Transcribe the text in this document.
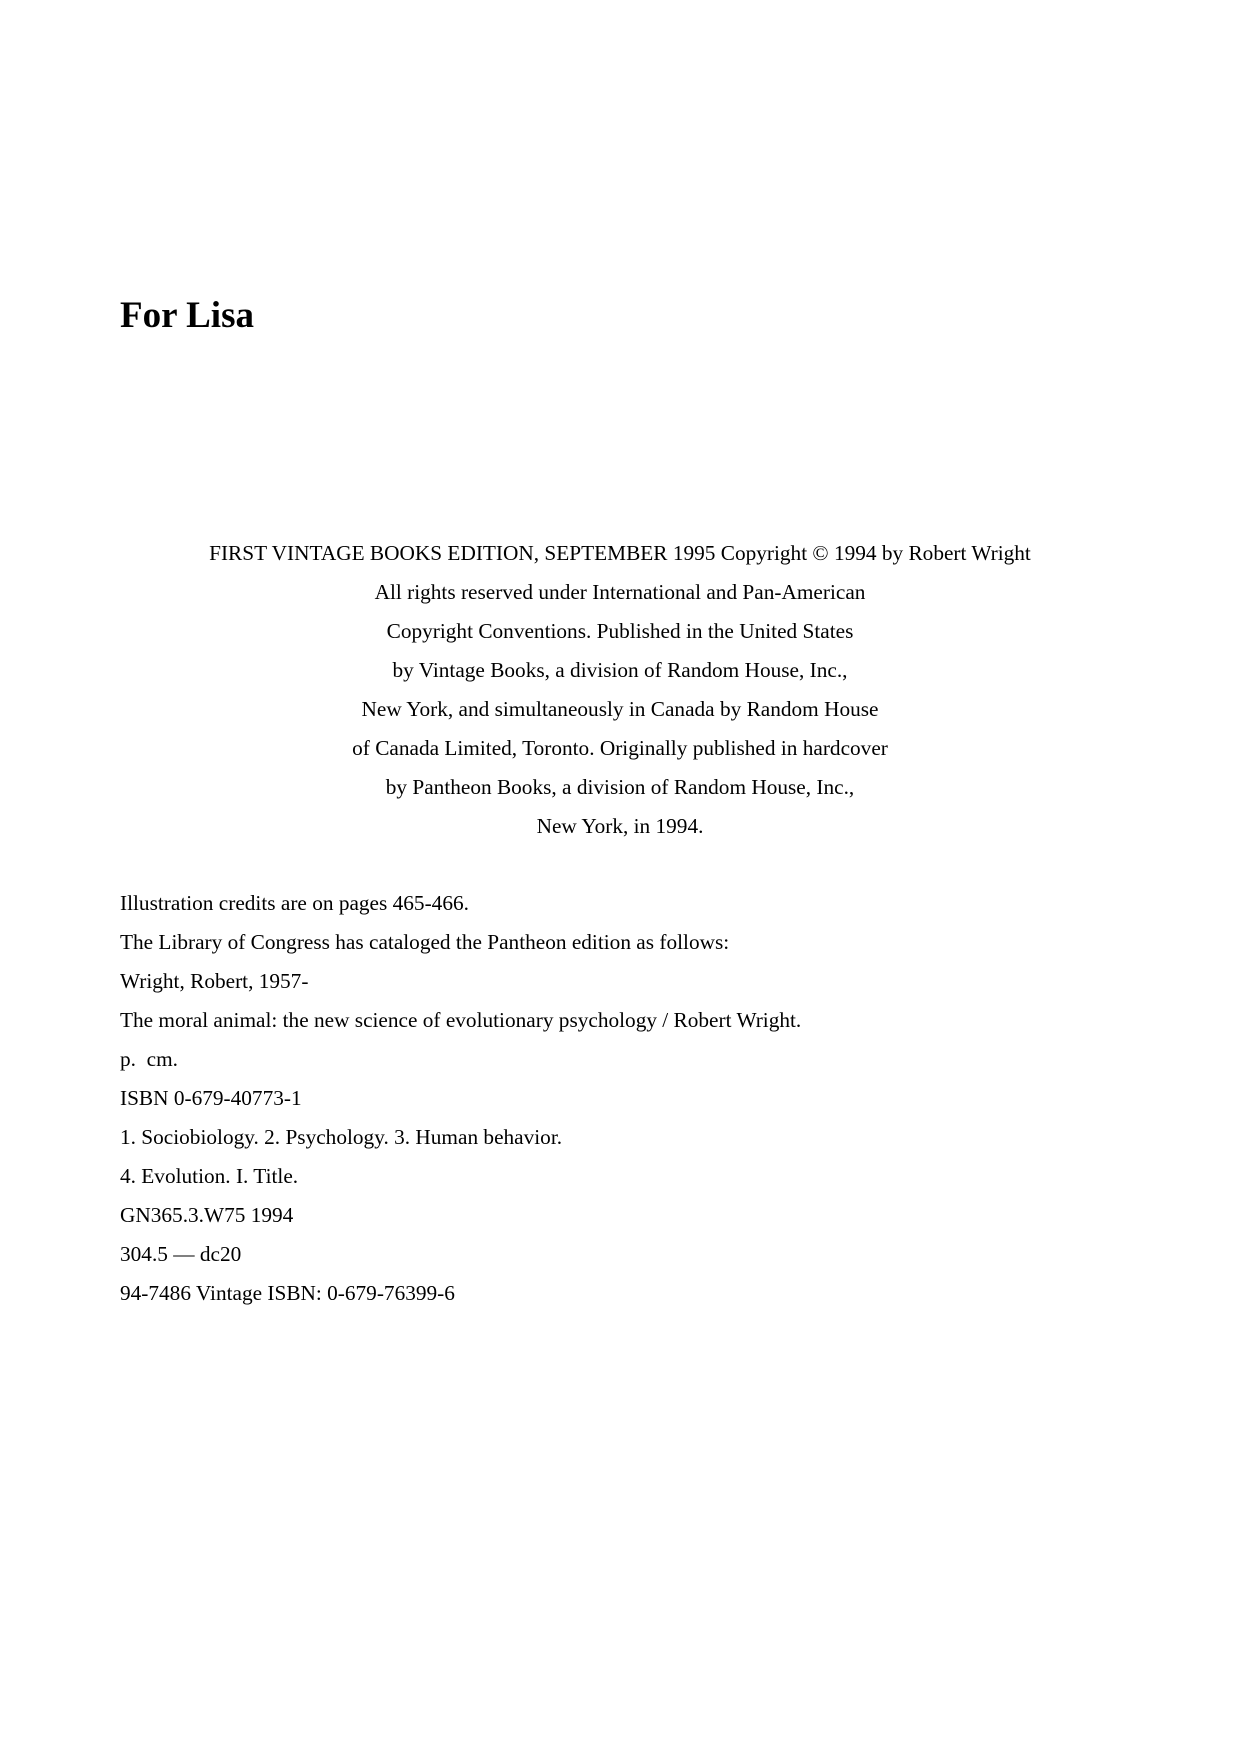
For Lisa
FIRST VINTAGE BOOKS EDITION, SEPTEMBER 1995 Copyright © 1994 by Robert Wright
All rights reserved under International and Pan-American
Copyright Conventions. Published in the United States
by Vintage Books, a division of Random House, Inc.,
New York, and simultaneously in Canada by Random House
of Canada Limited, Toronto. Originally published in hardcover
by Pantheon Books, a division of Random House, Inc.,
New York, in 1994.
Illustration credits are on pages 465-466.
The Library of Congress has cataloged the Pantheon edition as follows:
Wright, Robert, 1957-
The moral animal: the new science of evolutionary psychology / Robert Wright.
p.  cm.
ISBN 0-679-40773-1
1. Sociobiology. 2. Psychology. 3. Human behavior.
4. Evolution. I. Title.
GN365.3.W75 1994
304.5 — dc20
94-7486 Vintage ISBN: 0-679-76399-6
